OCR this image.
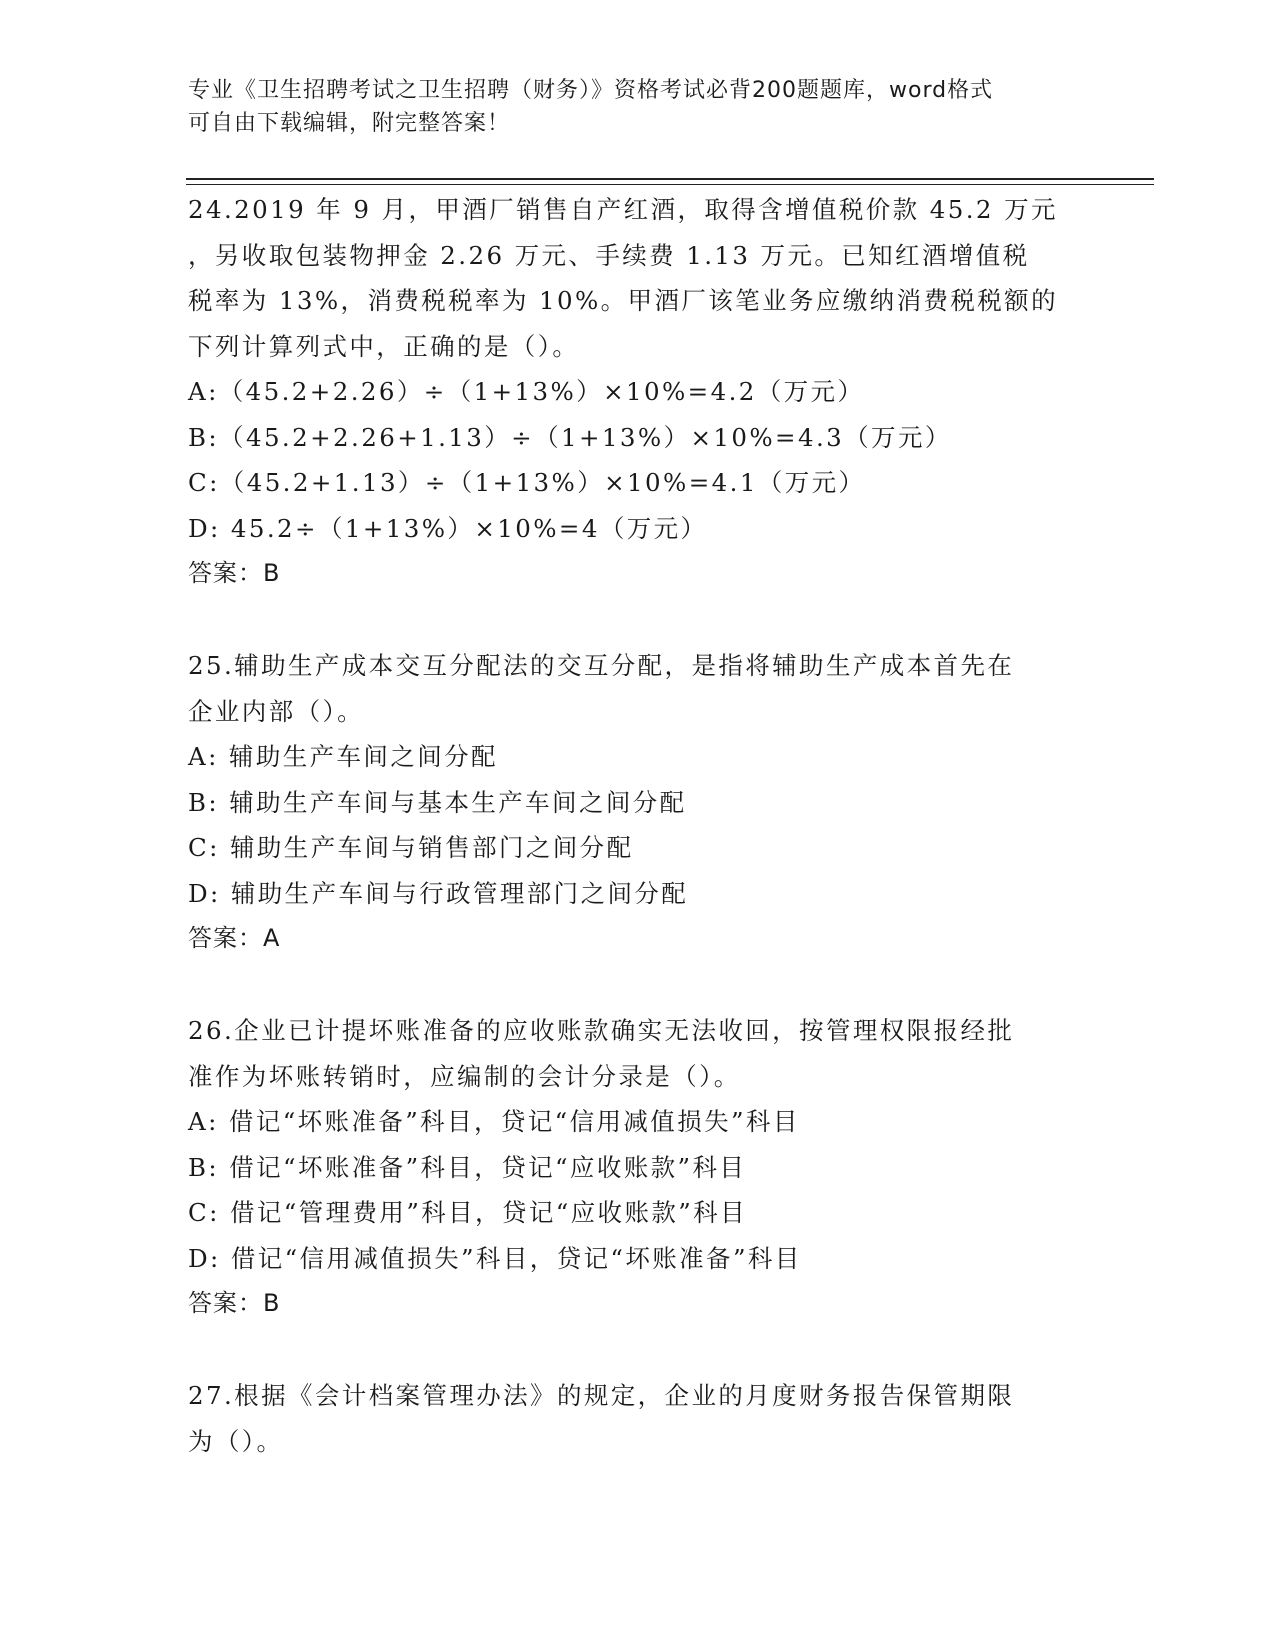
专业《卫生招聘考试之卫生招聘（财务）》资格考试必背200题题库，word格式
可自由下载编辑，附完整答案！
24.2019 年 9 月，甲酒厂销售自产红酒，取得含增值税价款 45.2 万元
，另收取包装物押金 2.26 万元、手续费 1.13 万元。已知红酒增值税
税率为 13%，消费税税率为 10%。甲酒厂该笔业务应缴纳消费税税额的
下列计算列式中，正确的是（）。
A:（45.2+2.26）÷（1+13%）×10%=4.2（万元）
B:（45.2+2.26+1.13）÷（1+13%）×10%=4.3（万元）
C:（45.2+1.13）÷（1+13%）×10%=4.1（万元）
D: 45.2÷（1+13%）×10%=4（万元）
答案：B
25.辅助生产成本交互分配法的交互分配，是指将辅助生产成本首先在
企业内部（）。
A: 辅助生产车间之间分配
B: 辅助生产车间与基本生产车间之间分配
C: 辅助生产车间与销售部门之间分配
D: 辅助生产车间与行政管理部门之间分配
答案：A
26.企业已计提坏账准备的应收账款确实无法收回，按管理权限报经批
准作为坏账转销时，应编制的会计分录是（）。
A: 借记“坏账准备”科目，贷记“信用减值损失”科目
B: 借记“坏账准备”科目，贷记“应收账款”科目
C: 借记“管理费用”科目，贷记“应收账款”科目
D: 借记“信用减值损失”科目，贷记“坏账准备”科目
答案：B
27.根据《会计档案管理办法》的规定，企业的月度财务报告保管期限
为（）。
